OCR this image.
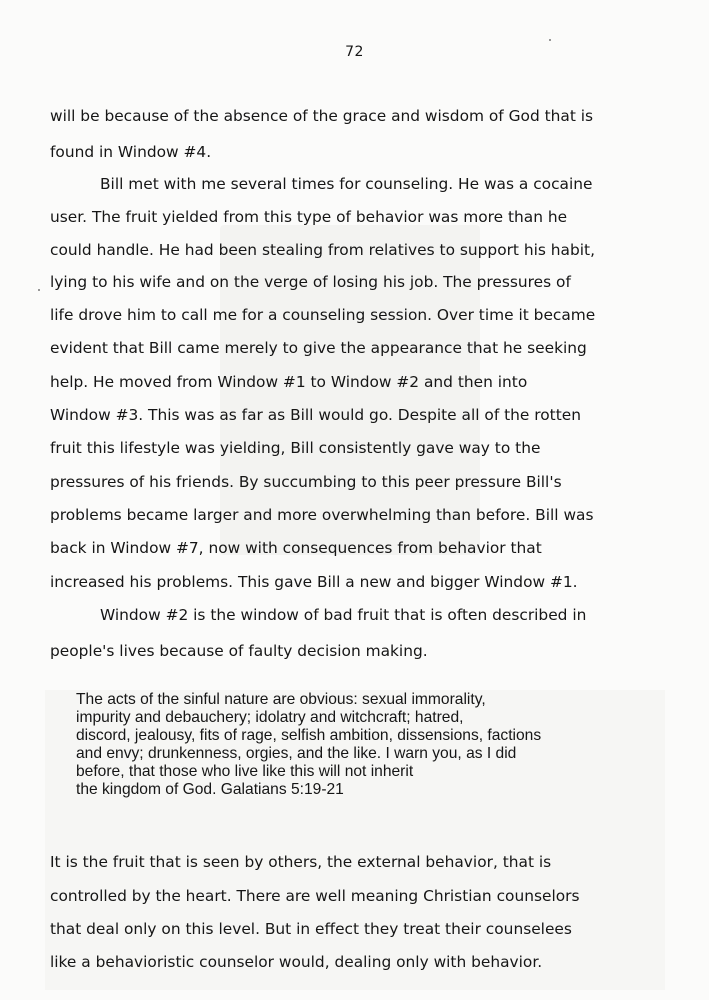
72
will be because of the absence of the grace and wisdom of God that is
found in Window #4.
Bill met with me several times for counseling. He was a cocaine
user. The fruit yielded from this type of behavior was more than he
could handle. He had been stealing from relatives to support his habit,
lying to his wife and on the verge of losing his job. The pressures of
life drove him to call me for a counseling session. Over time it became
evident that Bill came merely to give the appearance that he seeking
help. He moved from Window #1 to Window #2 and then into
Window #3. This was as far as Bill would go. Despite all of the rotten
fruit this lifestyle was yielding, Bill consistently gave way to the
pressures of his friends. By succumbing to this peer pressure Bill's
problems became larger and more overwhelming than before. Bill was
back in Window #7, now with consequences from behavior that
increased his problems. This gave Bill a new and bigger Window #1.
Window #2 is the window of bad fruit that is often described in
people's lives because of faulty decision making.
The acts of the sinful nature are obvious: sexual immorality,
impurity and debauchery; idolatry and witchcraft; hatred,
discord, jealousy, fits of rage, selfish ambition, dissensions, factions
and envy; drunkenness, orgies, and the like. I warn you, as I did
before, that those who live like this will not inherit
the kingdom of God. Galatians 5:19-21
It is the fruit that is seen by others, the external behavior, that is
controlled by the heart. There are well meaning Christian counselors
that deal only on this level. But in effect they treat their counselees
like a behavioristic counselor would, dealing only with behavior.
